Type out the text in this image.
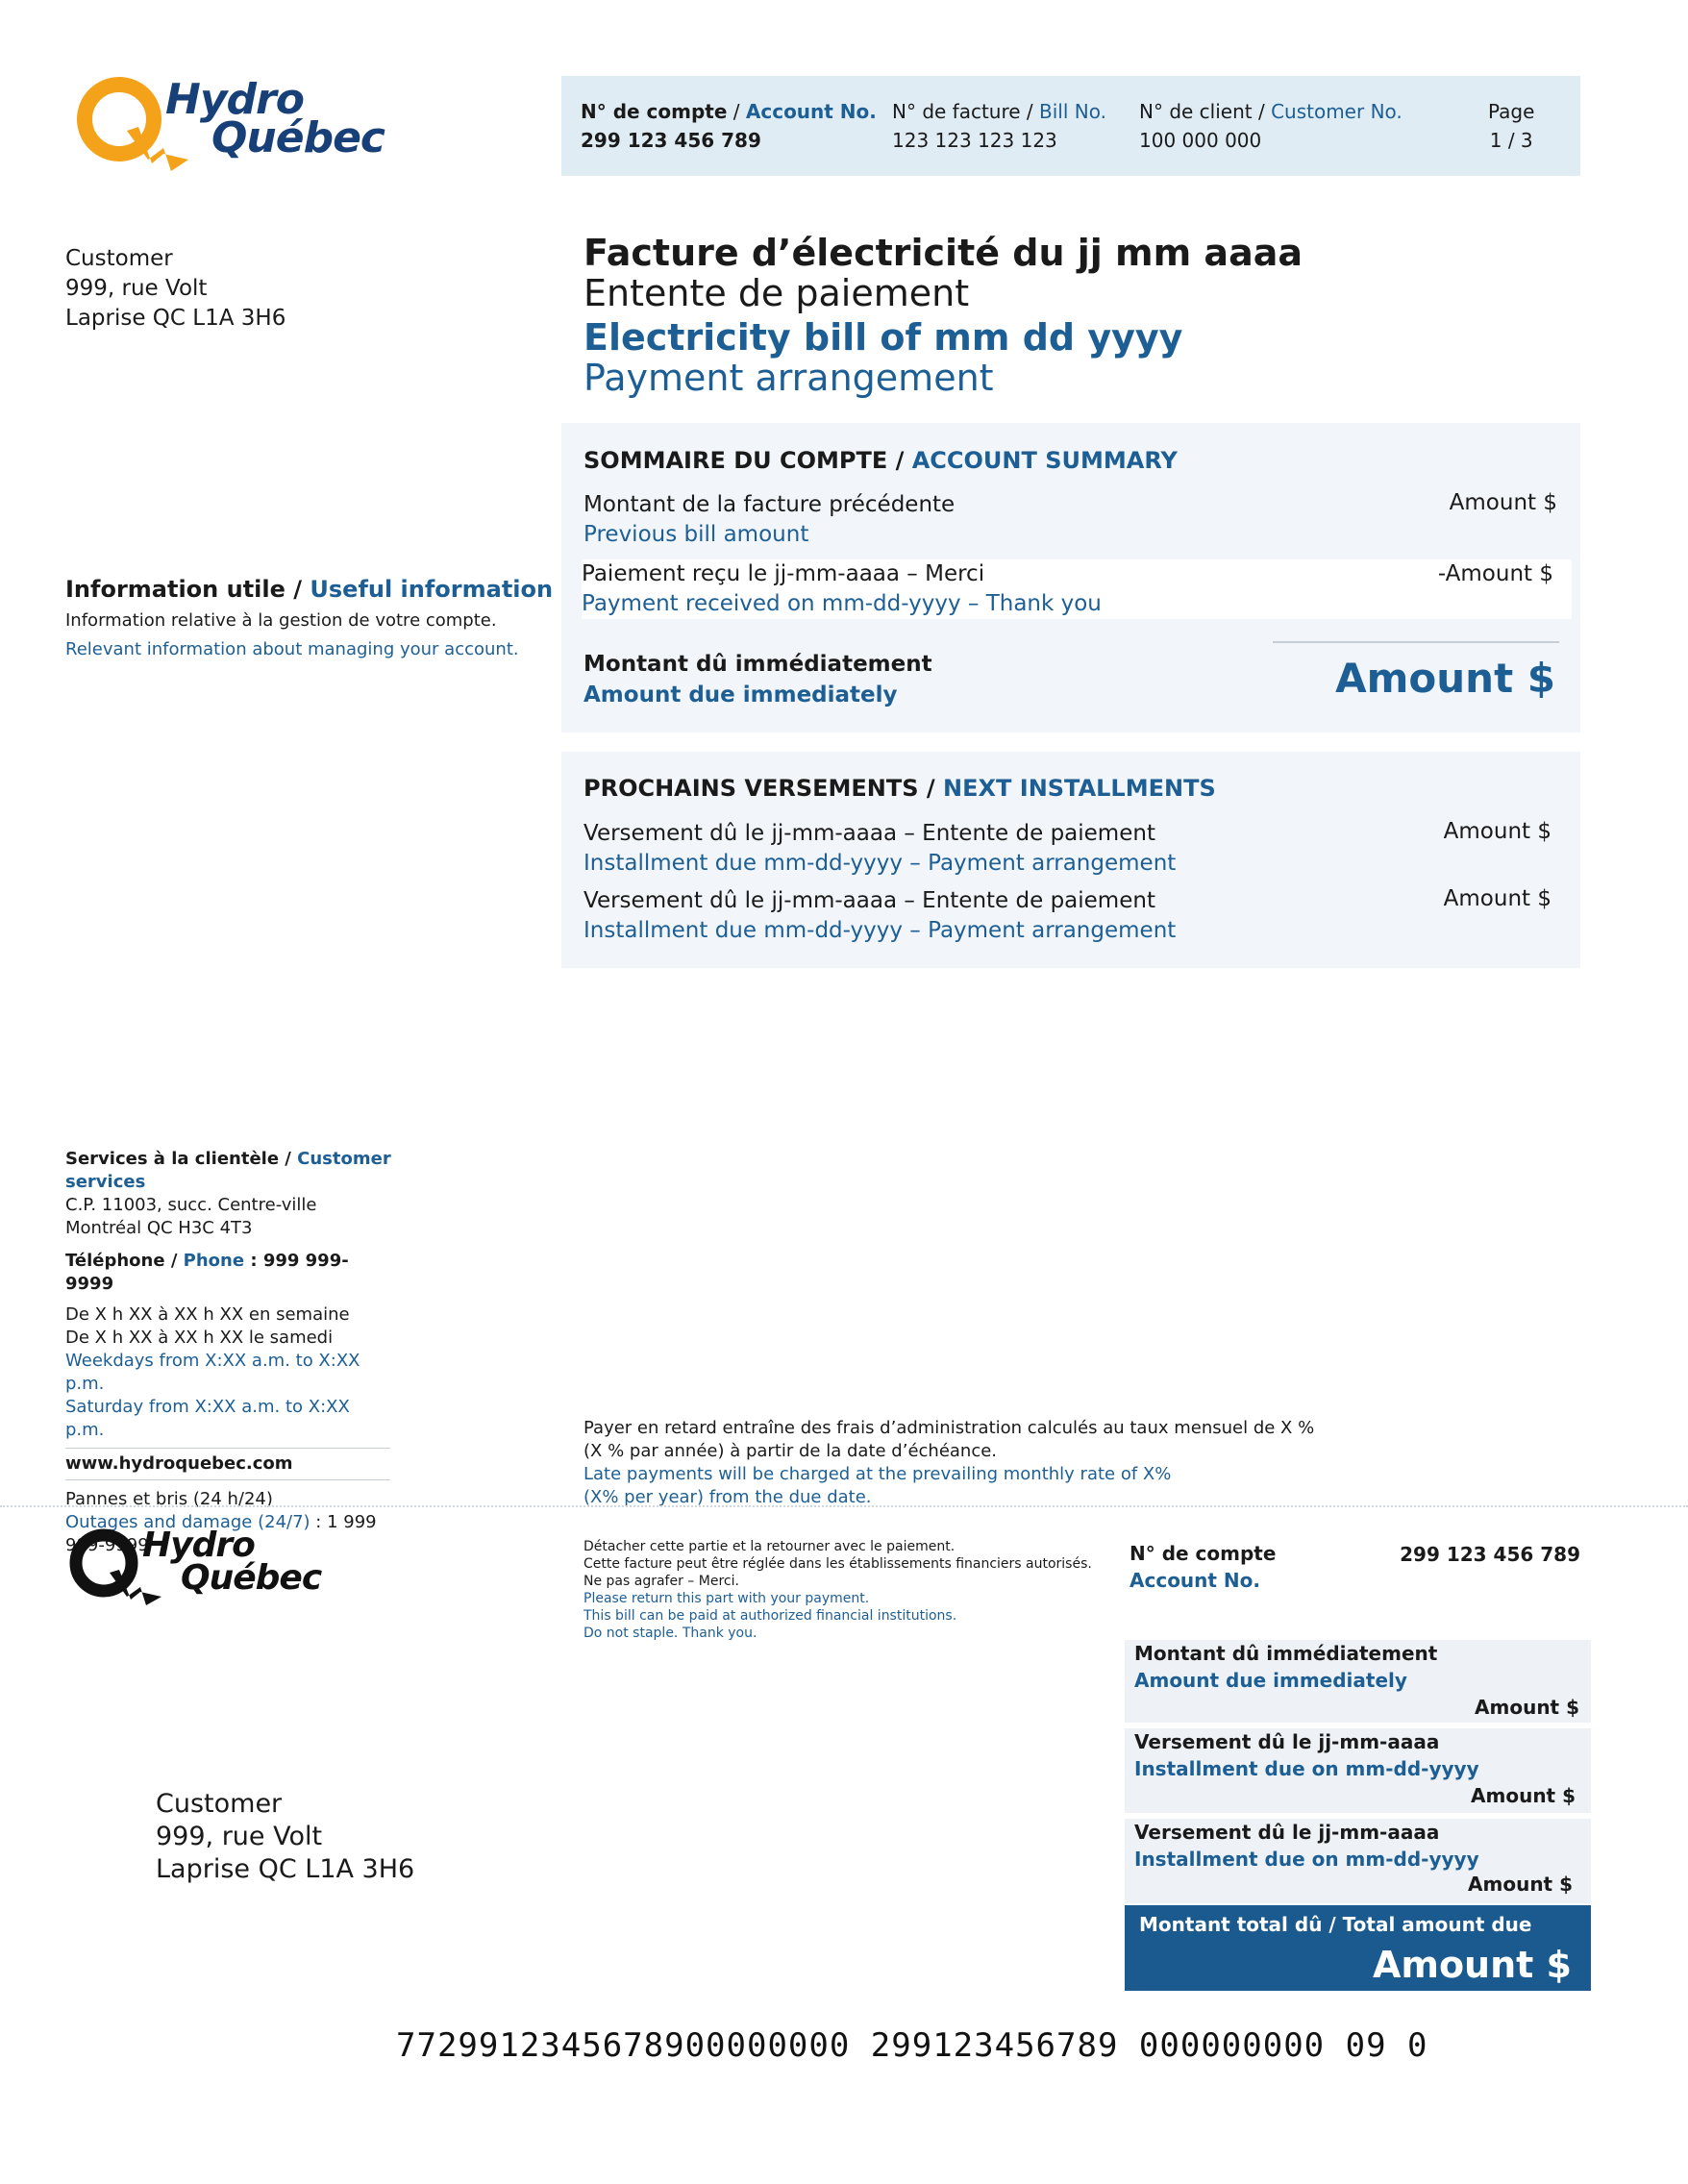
Hydro
Québec
N° de compte / Account No.
299 123 456 789
N° de facture / Bill No.
123 123 123 123
N° de client / Customer No.
100 000 000
Page
1 / 3
Customer
999, rue Volt
Laprise QC L1A 3H6
Facture d’électricité du jj mm aaaa
Entente de paiement
Electricity bill of mm dd yyyy
Payment arrangement
Information utile / Useful information
Information relative à la gestion de votre compte.
Relevant information about managing your account.
SOMMAIRE DU COMPTE / ACCOUNT SUMMARY
Montant de la facture précédente
Previous bill amount
Amount $
Paiement reçu le jj-mm-aaaa – Merci
Payment received on mm-dd-yyyy – Thank you
-Amount $
Montant dû immédiatement
Amount due immediately	Amount $
PROCHAINS VERSEMENTS / NEXT INSTALLMENTS
Versement dû le jj-mm-aaaa – Entente de paiement
Installment due mm-dd-yyyy – Payment arrangement
Amount $
Versement dû le jj-mm-aaaa – Entente de paiement
Installment due mm-dd-yyyy – Payment arrangement
Amount $
Services à la clientèle / Customer services
C.P. 11003, succ. Centre-ville
Montréal QC H3C 4T3
Téléphone / Phone : 999 999-9999
De X h XX à XX h XX en semaine
De X h XX à XX h XX le samedi
Weekdays from X:XX a.m. to X:XX p.m.
Saturday from X:XX a.m. to X:XX p.m.
www.hydroquebec.com
Pannes et bris (24 h/24)
Outages and damage (24/7) : 1 999 999-9999
Payer en retard entraîne des frais d’administration calculés au taux mensuel de X %
(X % par année) à partir de la date d’échéance.
Late payments will be charged at the prevailing monthly rate of X%
(X% per year) from the due date.
Hydro
Québec
Détacher cette partie et la retourner avec le paiement.
Cette facture peut être réglée dans les établissements financiers autorisés.
Ne pas agrafer – Merci.
Please return this part with your payment.
This bill can be paid at authorized financial institutions.
Do not staple. Thank you.
N° de compte
Account No.
299 123 456 789
Customer
999, rue Volt
Laprise QC L1A 3H6
Montant dû immédiatement
Amount due immediately
Amount $
Versement dû le jj-mm-aaaa
Installment due on mm-dd-yyyy
Amount $
Versement dû le jj-mm-aaaa
Installment due on mm-dd-yyyy
Amount $
Montant total dû / Total amount due
Amount $
7729912345678900000000 299123456789 000000000 09 0
